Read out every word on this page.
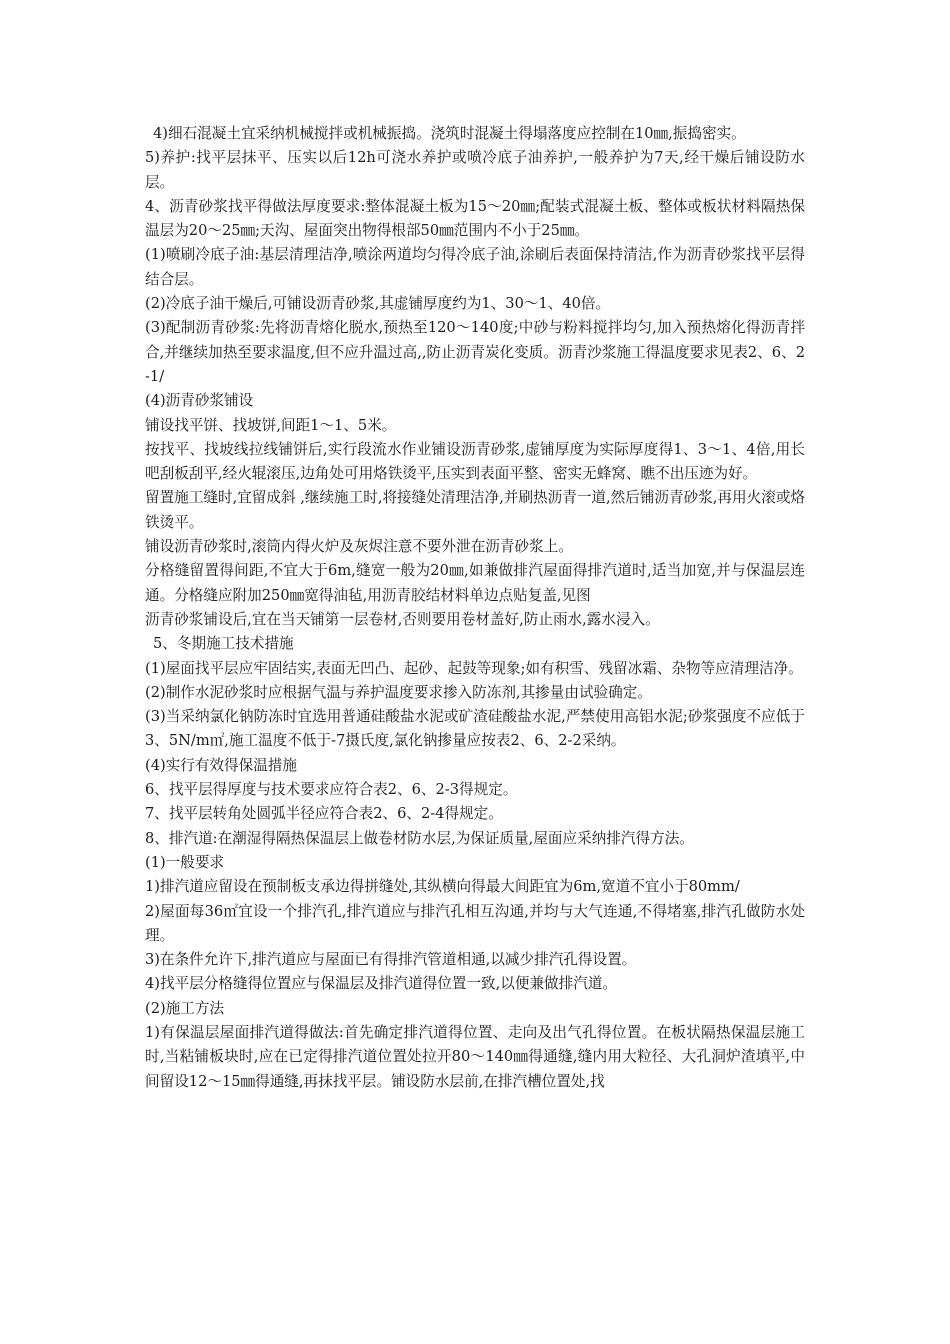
4)细石混凝土宜采纳机械搅拌或机械振捣。浇筑时混凝土得塌落度应控制在10㎜,振捣密实。

5)养护:找平层抹平、压实以后12h可浇水养护或喷冷底子油养护,一般养护为7天,经干燥后铺设防水层。

4、沥青砂浆找平得做法厚度要求:整体混凝土板为15～20㎜;配装式混凝土板、整体或板状材料隔热保温层为20～25㎜;天沟、屋面突出物得根部50㎜范围内不小于25㎜。

(1)喷刷冷底子油:基层清理洁净,喷涂两道均匀得冷底子油,涂刷后表面保持清洁,作为沥青砂浆找平层得结合层。

(2)冷底子油干燥后,可铺设沥青砂浆,其虚铺厚度约为1、30～1、40倍。

(3)配制沥青砂浆:先将沥青熔化脱水,预热至120～140度;中砂与粉料搅拌均匀,加入预热熔化得沥青拌合,并继续加热至要求温度,但不应升温过高,,防止沥青炭化变质。沥青沙浆施工得温度要求见表2、6、2-1/

(4)沥青砂浆铺设

铺设找平饼、找坡饼,间距1～1、5米。

按找平、找坡线拉线铺饼后,实行段流水作业铺设沥青砂浆,虚铺厚度为实际厚度得1、3～1、4倍,用长吧刮板刮平,经火辊滚压,边角处可用烙铁烫平,压实到表面平整、密实无蜂窝、瞧不出压迹为好。

留置施工缝时,宜留成斜 ,继续施工时,将接缝处清理洁净,并刷热沥青一道,然后铺沥青砂浆,再用火滚或烙铁烫平。

铺设沥青砂浆时,滚筒内得火炉及灰烬注意不要外泄在沥青砂浆上。

分格缝留置得间距,不宜大于6m,缝宽一般为20㎜,如兼做排汽屋面得排汽道时,适当加宽,并与保温层连通。分格缝应附加250㎜宽得油毡,用沥青胶结材料单边点贴复盖,见图

沥青砂浆铺设后,宜在当天铺第一层卷材,否则要用卷材盖好,防止雨水,露水浸入。

5、冬期施工技术措施

(1)屋面找平层应牢固结实,表面无凹凸、起砂、起鼓等现象;如有积雪、残留冰霜、杂物等应清理洁净。

(2)制作水泥砂浆时应根据气温与养护温度要求掺入防冻剂,其掺量由试验确定。

(3)当采纳氯化钠防冻时宜选用普通硅酸盐水泥或矿渣硅酸盐水泥,严禁使用高铝水泥;砂浆强度不应低于3、5N/m㎡,施工温度不低于-7摄氏度,氯化钠掺量应按表2、6、2-2采纳。

(4)实行有效得保温措施

6、找平层得厚度与技术要求应符合表2、6、2-3得规定。

7、找平层转角处圆弧半径应符合表2、6、2-4得规定。

8、排汽道:在潮湿得隔热保温层上做卷材防水层,为保证质量,屋面应采纳排汽得方法。

(1)一般要求

1)排汽道应留设在预制板支承边得拼缝处,其纵横向得最大间距宜为6m,宽道不宜小于80mm/

2)屋面每36㎡宜设一个排汽孔,排汽道应与排汽孔相互沟通,并均与大气连通,不得堵塞,排汽孔做防水处理。

3)在条件允许下,排汽道应与屋面已有得排汽管道相通,以减少排汽孔得设置。

4)找平层分格缝得位置应与保温层及排汽道得位置一致,以便兼做排汽道。

(2)施工方法

1)有保温层屋面排汽道得做法:首先确定排汽道得位置、走向及出气孔得位置。在板状隔热保温层施工时,当粘铺板块时,应在已定得排汽道位置处拉开80～140㎜得通缝,缝内用大粒径、大孔洞炉渣填平,中间留设12～15㎜得通缝,再抹找平层。铺设防水层前,在排汽槽位置处,找
